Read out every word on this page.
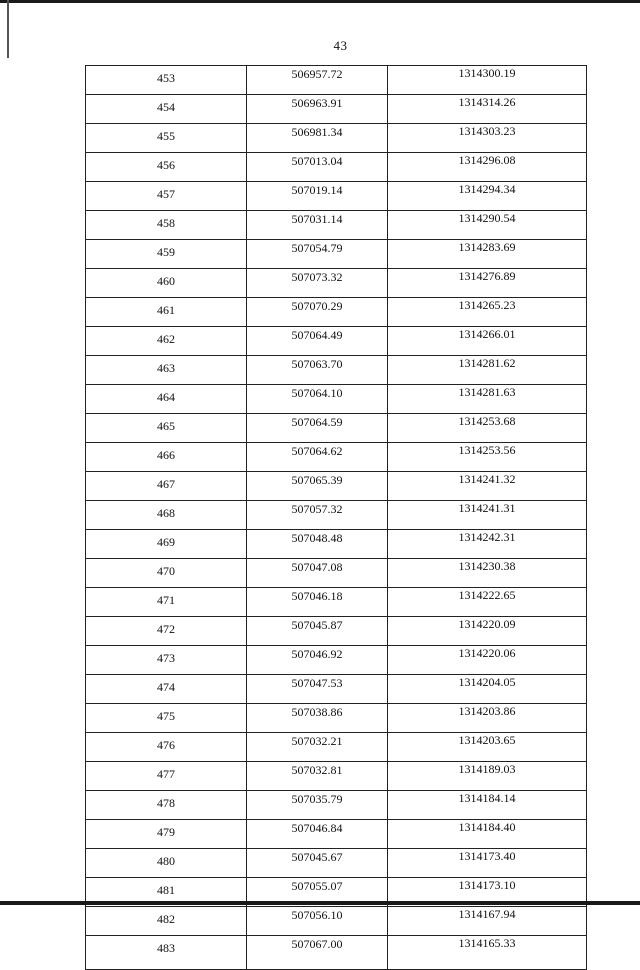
43
453	506957.72	1314300.19
454	506963.91	1314314.26
455	506981.34	1314303.23
456	507013.04	1314296.08
457	507019.14	1314294.34
458	507031.14	1314290.54
459	507054.79	1314283.69
460	507073.32	1314276.89
461	507070.29	1314265.23
462	507064.49	1314266.01
463	507063.70	1314281.62
464	507064.10	1314281.63
465	507064.59	1314253.68
466	507064.62	1314253.56
467	507065.39	1314241.32
468	507057.32	1314241.31
469	507048.48	1314242.31
470	507047.08	1314230.38
471	507046.18	1314222.65
472	507045.87	1314220.09
473	507046.92	1314220.06
474	507047.53	1314204.05
475	507038.86	1314203.86
476	507032.21	1314203.65
477	507032.81	1314189.03
478	507035.79	1314184.14
479	507046.84	1314184.40
480	507045.67	1314173.40
481	507055.07	1314173.10
482	507056.10	1314167.94
483	507067.00	1314165.33
